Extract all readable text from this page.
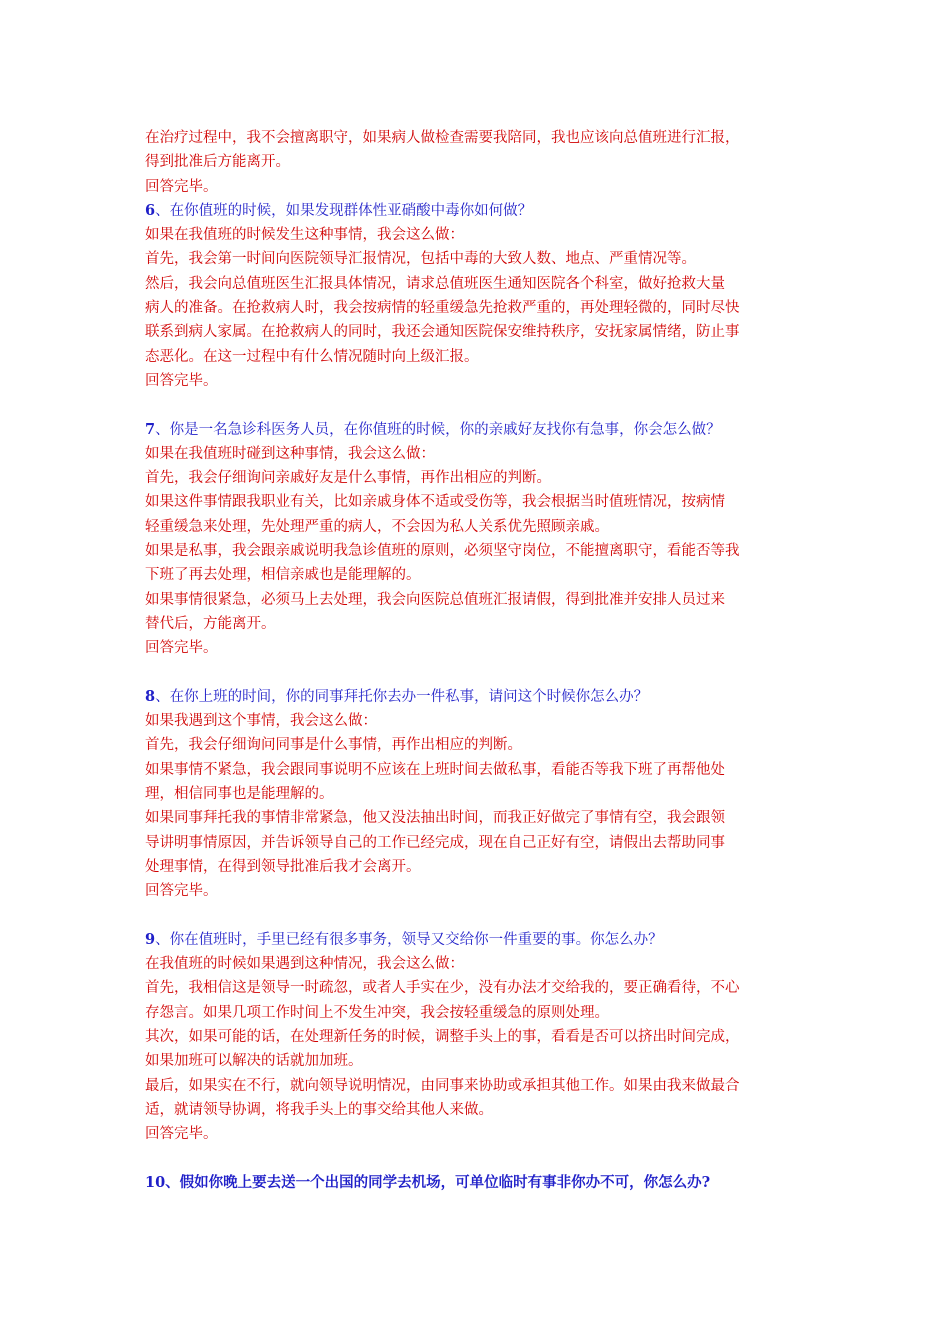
在治疗过程中，我不会擅离职守，如果病人做检查需要我陪同，我也应该向总值班进行汇报，
得到批准后方能离开。
回答完毕。
6、在你值班的时候，如果发现群体性亚硝酸中毒你如何做？
如果在我值班的时候发生这种事情，我会这么做：
首先，我会第一时间向医院领导汇报情况，包括中毒的大致人数、地点、严重情况等。
然后，我会向总值班医生汇报具体情况，请求总值班医生通知医院各个科室，做好抢救大量
病人的准备。在抢救病人时，我会按病情的轻重缓急先抢救严重的，再处理轻微的，同时尽快
联系到病人家属。在抢救病人的同时，我还会通知医院保安维持秩序，安抚家属情绪，防止事
态恶化。在这一过程中有什么情况随时向上级汇报。
回答完毕。
7、你是一名急诊科医务人员，在你值班的时候，你的亲戚好友找你有急事，你会怎么做？
如果在我值班时碰到这种事情，我会这么做：
首先，我会仔细询问亲戚好友是什么事情，再作出相应的判断。
如果这件事情跟我职业有关，比如亲戚身体不适或受伤等，我会根据当时值班情况，按病情
轻重缓急来处理，先处理严重的病人，不会因为私人关系优先照顾亲戚。
如果是私事，我会跟亲戚说明我急诊值班的原则，必须坚守岗位，不能擅离职守，看能否等我
下班了再去处理，相信亲戚也是能理解的。
如果事情很紧急，必须马上去处理，我会向医院总值班汇报请假，得到批准并安排人员过来
替代后，方能离开。
回答完毕。
8、在你上班的时间，你的同事拜托你去办一件私事，请问这个时候你怎么办？
如果我遇到这个事情，我会这么做：
首先，我会仔细询问同事是什么事情，再作出相应的判断。
如果事情不紧急，我会跟同事说明不应该在上班时间去做私事，看能否等我下班了再帮他处
理，相信同事也是能理解的。
如果同事拜托我的事情非常紧急，他又没法抽出时间，而我正好做完了事情有空，我会跟领
导讲明事情原因，并告诉领导自己的工作已经完成，现在自己正好有空，请假出去帮助同事
处理事情，在得到领导批准后我才会离开。
回答完毕。
9、你在值班时，手里已经有很多事务，领导又交给你一件重要的事。你怎么办？
在我值班的时候如果遇到这种情况，我会这么做：
首先，我相信这是领导一时疏忽，或者人手实在少，没有办法才交给我的，要正确看待，不心
存怨言。如果几项工作时间上不发生冲突，我会按轻重缓急的原则处理。
其次，如果可能的话，在处理新任务的时候，调整手头上的事，看看是否可以挤出时间完成，
如果加班可以解决的话就加加班。
最后，如果实在不行，就向领导说明情况，由同事来协助或承担其他工作。如果由我来做最合
适，就请领导协调，将我手头上的事交给其他人来做。
回答完毕。
10、假如你晚上要去送一个出国的同学去机场，可单位临时有事非你办不可，你怎么办?
